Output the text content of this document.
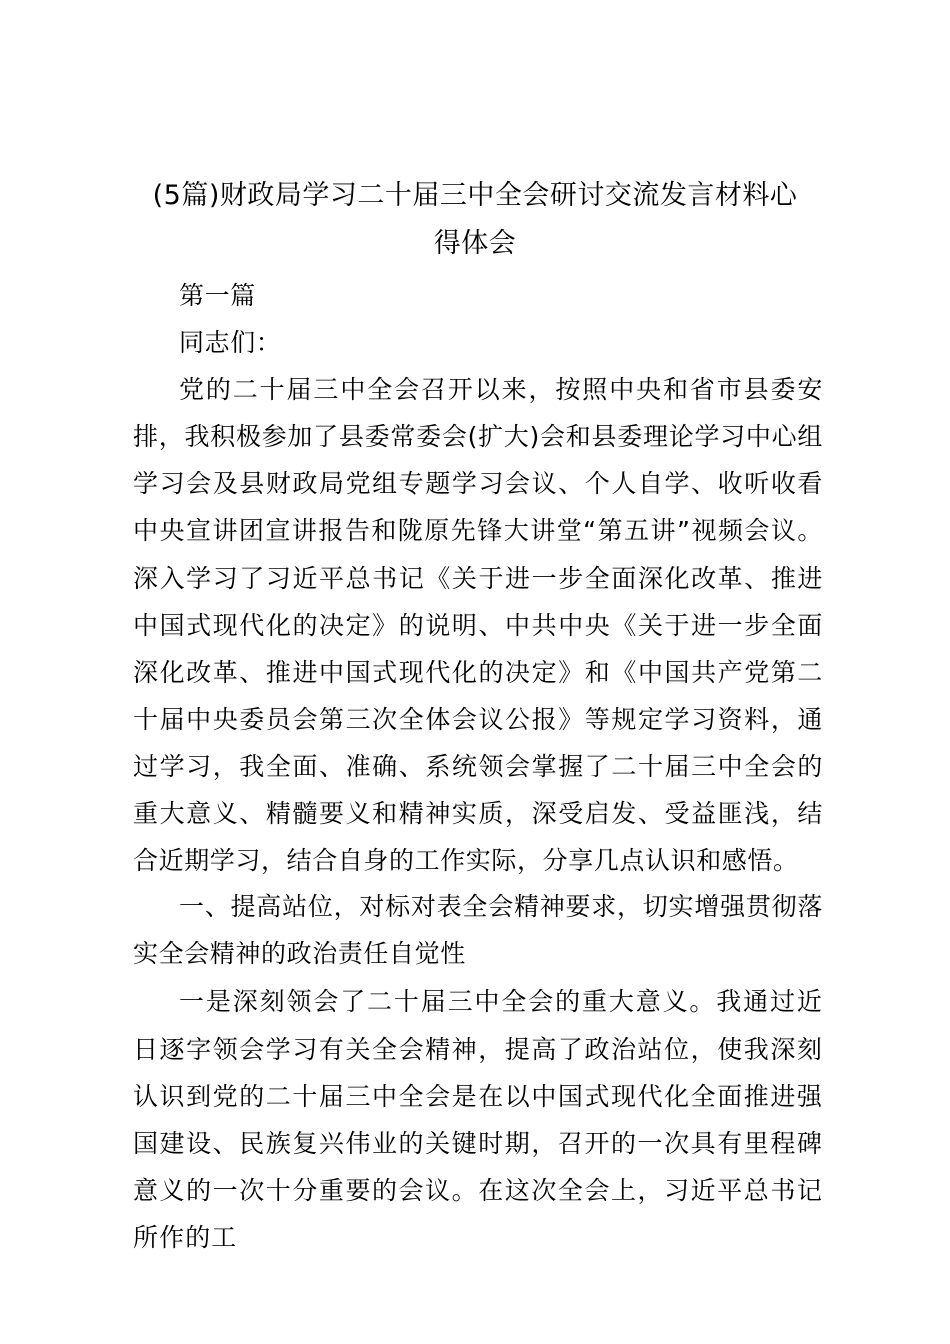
(5篇)财政局学习二十届三中全会研讨交流发言材料心
得体会

第一篇

同志们：

党的二十届三中全会召开以来，按照中央和省市县委安排，我积极参加了县委常委会(扩大)会和县委理论学习中心组学习会及县财政局党组专题学习会议、个人自学、收听收看中央宣讲团宣讲报告和陇原先锋大讲堂“第五讲”视频会议。深入学习了习近平总书记《关于进一步全面深化改革、推进中国式现代化的决定》的说明、中共中央《关于进一步全面深化改革、推进中国式现代化的决定》和《中国共产党第二十届中央委员会第三次全体会议公报》等规定学习资料，通过学习，我全面、准确、系统领会掌握了二十届三中全会的重大意义、精髓要义和精神实质，深受启发、受益匪浅，结合近期学习，结合自身的工作实际，分享几点认识和感悟。

一、提高站位，对标对表全会精神要求，切实增强贯彻落实全会精神的政治责任自觉性

一是深刻领会了二十届三中全会的重大意义。我通过近日逐字领会学习有关全会精神，提高了政治站位，使我深刻认识到党的二十届三中全会是在以中国式现代化全面推进强国建设、民族复兴伟业的关键时期，召开的一次具有里程碑意义的一次十分重要的会议。在这次全会上，习近平总书记所作的工
